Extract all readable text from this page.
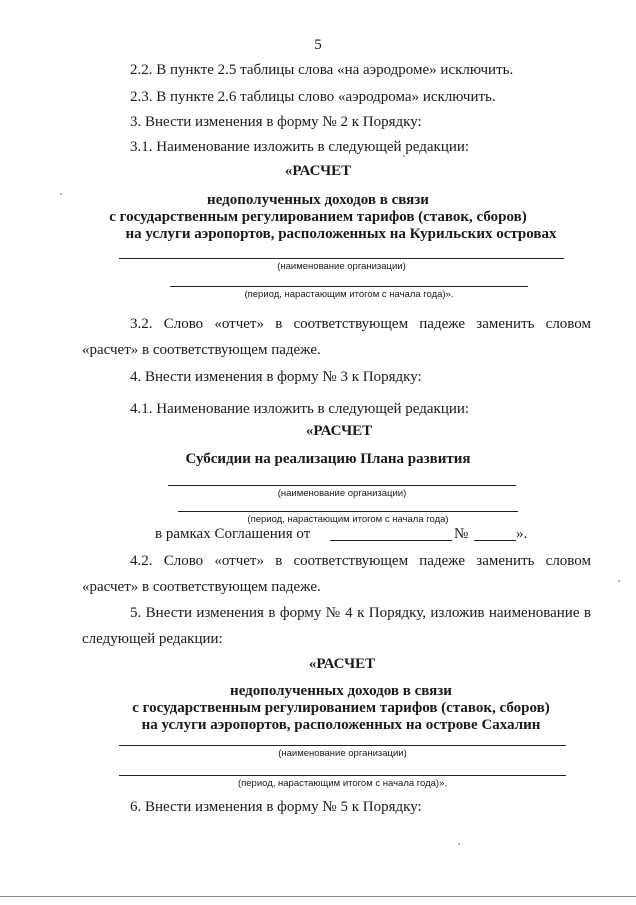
5
2.2. В пункте 2.5 таблицы слова «на аэродроме» исключить.
2.3. В пункте 2.6 таблицы слово «аэродрома» исключить.
3. Внести изменения в форму № 2 к Порядку:
3.1. Наименование изложить в следующей редакции:
«РАСЧЕТ
недополученных доходов в связи
с государственным регулированием тарифов (ставок, сборов)
на услуги аэропортов, расположенных на Курильских островах
(наименование организации)
(период, нарастающим итогом с начала года)».
3.2. Слово «отчет» в соответствующем падеже заменить словом
«расчет» в соответствующем падеже.
4. Внести изменения в форму № 3 к Порядку:
4.1. Наименование изложить в следующей редакции:
«РАСЧЕТ
Субсидии на реализацию Плана развития
(наименование организации)
(период, нарастающим итогом с начала года)
в рамках Соглашения от	№	».
4.2. Слово «отчет» в соответствующем падеже заменить словом
«расчет» в соответствующем падеже.
5. Внести изменения в форму № 4 к Порядку, изложив наименование в
следующей редакции:
«РАСЧЕТ
недополученных доходов в связи
с государственным регулированием тарифов (ставок, сборов)
на услуги аэропортов, расположенных на острове Сахалин
(наименование организации)
(период, нарастающим итогом с начала года)».
6. Внести изменения в форму № 5 к Порядку:
